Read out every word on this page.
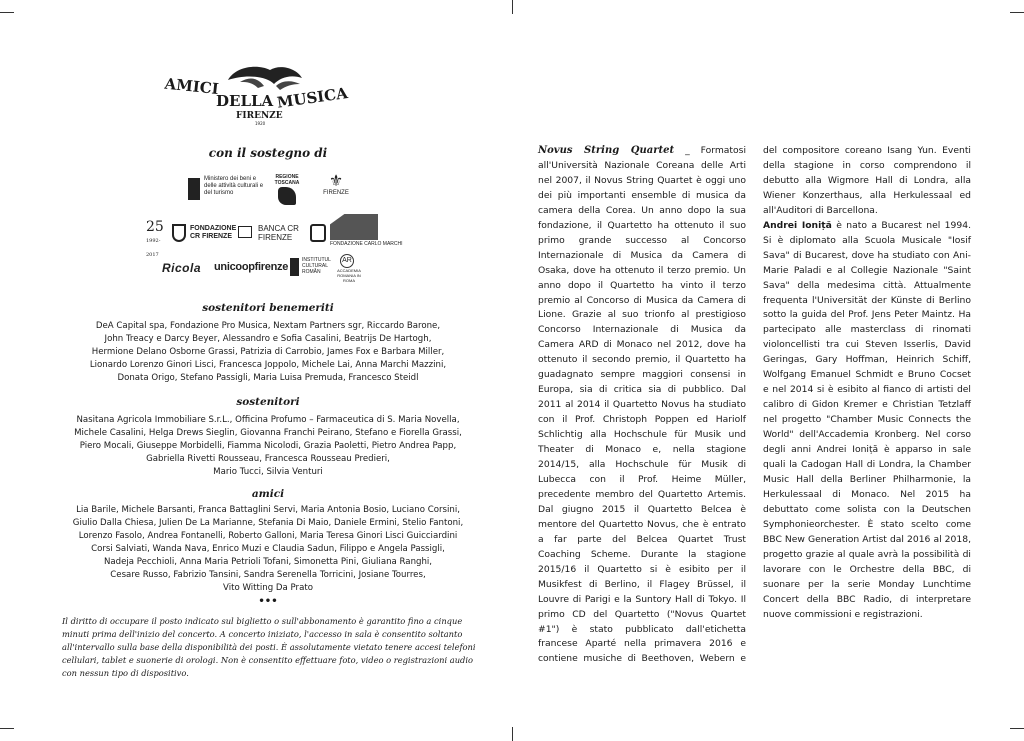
AMICI
DELLA MUSICA
FIRENZE
1920
con il sostegno di
Ministero dei beni e delle attività culturali e del turismo
REGIONE TOSCANA	⚜
FIRENZE
25
1992-2017
FONDAZIONE CR FIRENZE
BANCA CR FIRENZE
FONDAZIONE CARLO MARCHI
Ricola unicoopfirenze
INSTITUTUL CULTURAL ROMÂN
AR
ACCADEMIA ROMANIA IN ROMA
sostenitori benemeriti
DeA Capital spa, Fondazione Pro Musica, Nextam Partners sgr, Riccardo Barone,
John Treacy e Darcy Beyer, Alessandro e Sofia Casalini, Beatrijs De Hartogh,
Hermione Delano Osborne Grassi, Patrizia di Carrobio, James Fox e Barbara Miller,
Lionardo Lorenzo Ginori Lisci, Francesca Joppolo, Michele Lai, Anna Marchi Mazzini,
Donata Origo, Stefano Passigli, Maria Luisa Premuda, Francesco Steidl
sostenitori
Nasitana Agricola Immobiliare S.r.L., Officina Profumo – Farmaceutica di S. Maria Novella,
Michele Casalini, Helga Drews Sieglin, Giovanna Franchi Peirano, Stefano e Fiorella Grassi,
Piero Mocali, Giuseppe Morbidelli, Fiamma Nicolodi, Grazia Paoletti, Pietro Andrea Papp,
Gabriella Rivetti Rousseau, Francesca Rousseau Predieri,
Mario Tucci, Silvia Venturi
amici
Lia Barile, Michele Barsanti, Franca Battaglini Servi, Maria Antonia Bosio, Luciano Corsini,
Giulio Dalla Chiesa, Julien De La Marianne, Stefania Di Maio, Daniele Ermini, Stelio Fantoni,
Lorenzo Fasolo, Andrea Fontanelli, Roberto Galloni, Maria Teresa Ginori Lisci Guicciardini
Corsi Salviati, Wanda Nava, Enrico Muzi e Claudia Sadun, Filippo e Angela Passigli,
Nadeja Pecchioli, Anna Maria Petrioli Tofani, Simonetta Pini, Giuliana Ranghi,
Cesare Russo, Fabrizio Tansini, Sandra Serenella Torricini, Josiane Tourres,
Vito Witting Da Prato
•••
Il diritto di occupare il posto indicato sul biglietto o sull'abbonamento è garantito fino a cinque minuti prima dell'inizio del concerto. A concerto iniziato, l'accesso in sala è consentito soltanto all'intervallo sulla base della disponibilità dei posti. È assolutamente vietato tenere accesi telefoni cellulari, tablet e suonerie di orologi. Non è consentito effettuare foto, video o registrazioni audio con nessun tipo di dispositivo.

Novus String Quartet _ Formatosi all'Università Nazionale Coreana delle Arti nel 2007, il Novus String Quartet è oggi uno dei più importanti ensemble di musica da camera della Corea. Un anno dopo la sua fondazione, il Quartetto ha ottenuto il suo primo grande successo al Concorso Internazionale di Musica da Camera di Osaka, dove ha ottenuto il terzo premio. Un anno dopo il Quartetto ha vinto il terzo premio al Concorso di Musica da Camera di Lione. Grazie al suo trionfo al prestigioso Concorso Internazionale di Musica da Camera ARD di Monaco nel 2012, dove ha ottenuto il secondo premio, il Quartetto ha guadagnato sempre maggiori consensi in Europa, sia di critica sia di pubblico. Dal 2011 al 2014 il Quartetto Novus ha studiato con il Prof. Christoph Poppen ed Hariolf Schlichtig alla Hochschule für Musik und Theater di Monaco e, nella stagione 2014/15, alla Hochschule für Musik di Lubecca con il Prof. Heime Müller, precedente membro del Quartetto Artemis. Dal giugno 2015 il Quartetto Belcea è mentore del Quartetto Novus, che è entrato a far parte del Belcea Quartet Trust Coaching Scheme. Durante la stagione 2015/16 il Quartetto si è esibito per il Musikfest di Berlino, il Flagey Brüssel, il Louvre di Parigi e la Suntory Hall di Tokyo. Il primo CD del Quartetto ("Novus Quartet #1") è stato pubblicato dall'etichetta francese Aparté nella primavera 2016 e contiene musiche di Beethoven, Webern e

del compositore coreano Isang Yun. Eventi della stagione in corso comprendono il debutto alla Wigmore Hall di Londra, alla Wiener Konzerthaus, alla Herkulessaal ed all'Auditori di Barcellona.

Andrei Ioniță è nato a Bucarest nel 1994. Si è diplomato alla Scuola Musicale "Iosif Sava" di Bucarest, dove ha studiato con Ani-Marie Paladi e al Collegie Nazionale "Saint Sava" della medesima città. Attualmente frequenta l'Universität der Künste di Berlino sotto la guida del Prof. Jens Peter Maintz. Ha partecipato alle masterclass di rinomati violoncellisti tra cui Steven Isserlis, David Geringas, Gary Hoffman, Heinrich Schiff, Wolfgang Emanuel Schmidt e Bruno Cocset e nel 2014 si è esibito al fianco di artisti del calibro di Gidon Kremer e Christian Tetzlaff nel progetto "Chamber Music Connects the World" dell'Accademia Kronberg. Nel corso degli anni Andrei Ioniță è apparso in sale quali la Cadogan Hall di Londra, la Chamber Music Hall della Berliner Philharmonie, la Herkulessaal di Monaco. Nel 2015 ha debuttato come solista con la Deutschen Symphonieorchester. È stato scelto come BBC New Generation Artist dal 2016 al 2018, progetto grazie al quale avrà la possibilità di lavorare con le Orchestre della BBC, di suonare per la serie Monday Lunchtime Concert della BBC Radio, di interpretare nuove commissioni e registrazioni.
